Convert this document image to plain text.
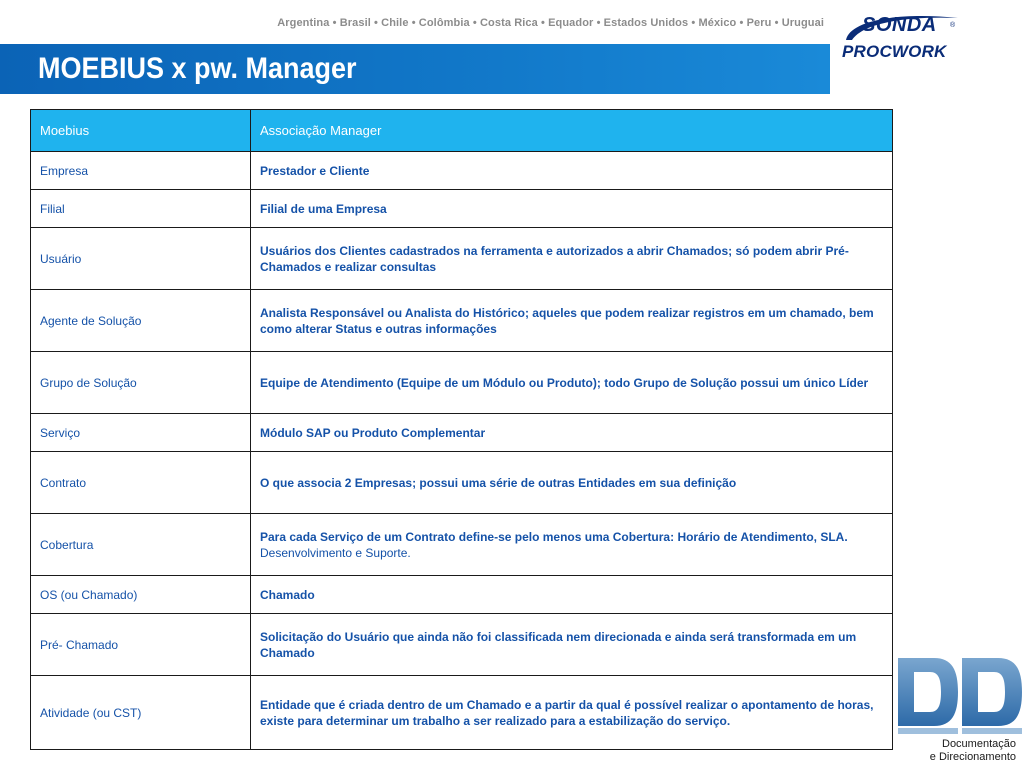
Argentina • Brasil • Chile • Colômbia • Costa Rica • Equador • Estados Unidos • México • Peru • Uruguai
MOEBIUS x pw. Manager
SONDA ®
PROCWORK
Moebius	Associação Manager
Empresa	Prestador e Cliente
Filial	Filial de uma Empresa
Usuário	Usuários dos Clientes cadastrados na ferramenta e autorizados a abrir Chamados; só podem abrir Pré-Chamados e realizar consultas
Agente de Solução	Analista Responsável ou Analista do Histórico; aqueles que podem realizar registros em um chamado, bem como alterar Status e outras informações
Grupo de Solução	Equipe de Atendimento (Equipe de um Módulo ou Produto); todo Grupo de Solução possui um único Líder
Serviço	Módulo SAP ou Produto Complementar
Contrato	O que associa 2 Empresas; possui uma série de outras Entidades em sua definição
Cobertura	Para cada Serviço de um Contrato define-se pelo menos uma Cobertura: Horário de Atendimento, SLA. Desenvolvimento e Suporte.
OS (ou Chamado)	Chamado
Pré- Chamado	Solicitação do Usuário que ainda não foi classificada nem direcionada e ainda será transformada em um Chamado
Atividade (ou CST)	Entidade que é criada dentro de um Chamado e a partir da qual é possível realizar o apontamento de horas, existe para determinar um trabalho a ser realizado para a estabilização do serviço.
Documentação
e Direcionamento
